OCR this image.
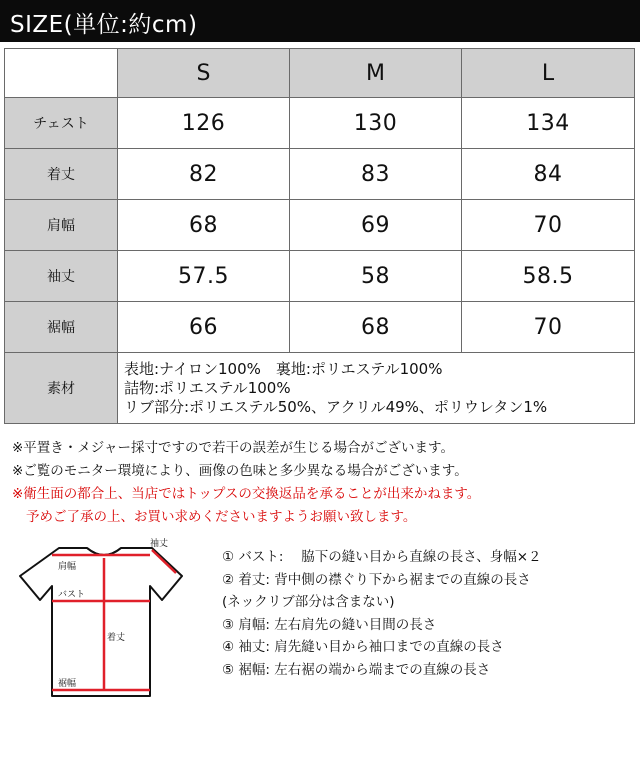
SIZE(単位:約cm)
	S	M	L
チェスト	126	130	134
着丈	82	83	84
肩幅	68	69	70
袖丈	57.5	58	58.5
裾幅	66	68	70
素材	表地:ナイロン100%　裏地:ポリエステル100%
詰物:ポリエステル100%
リブ部分:ポリエステル50%、アクリル49%、ポリウレタン1%		
※平置き・メジャー採寸ですので若干の誤差が生じる場合がございます。
※ご覧のモニター環境により、画像の色味と多少異なる場合がございます。
※衛生面の都合上、当店ではトップスの交換返品を承ることが出来かねます。
予めご了承の上、お買い求めくださいますようお願い致します。
袖丈
肩幅
バスト
着丈
裾幅
① バスト:　 脇下の縫い目から直線の長さ、身幅×２
② 着丈: 背中側の襟ぐり下から裾までの直線の長さ
(ネックリブ部分は含まない)
③ 肩幅: 左右肩先の縫い目間の長さ
④ 袖丈: 肩先縫い目から袖口までの直線の長さ
⑤ 裾幅: 左右裾の端から端までの直線の長さ
